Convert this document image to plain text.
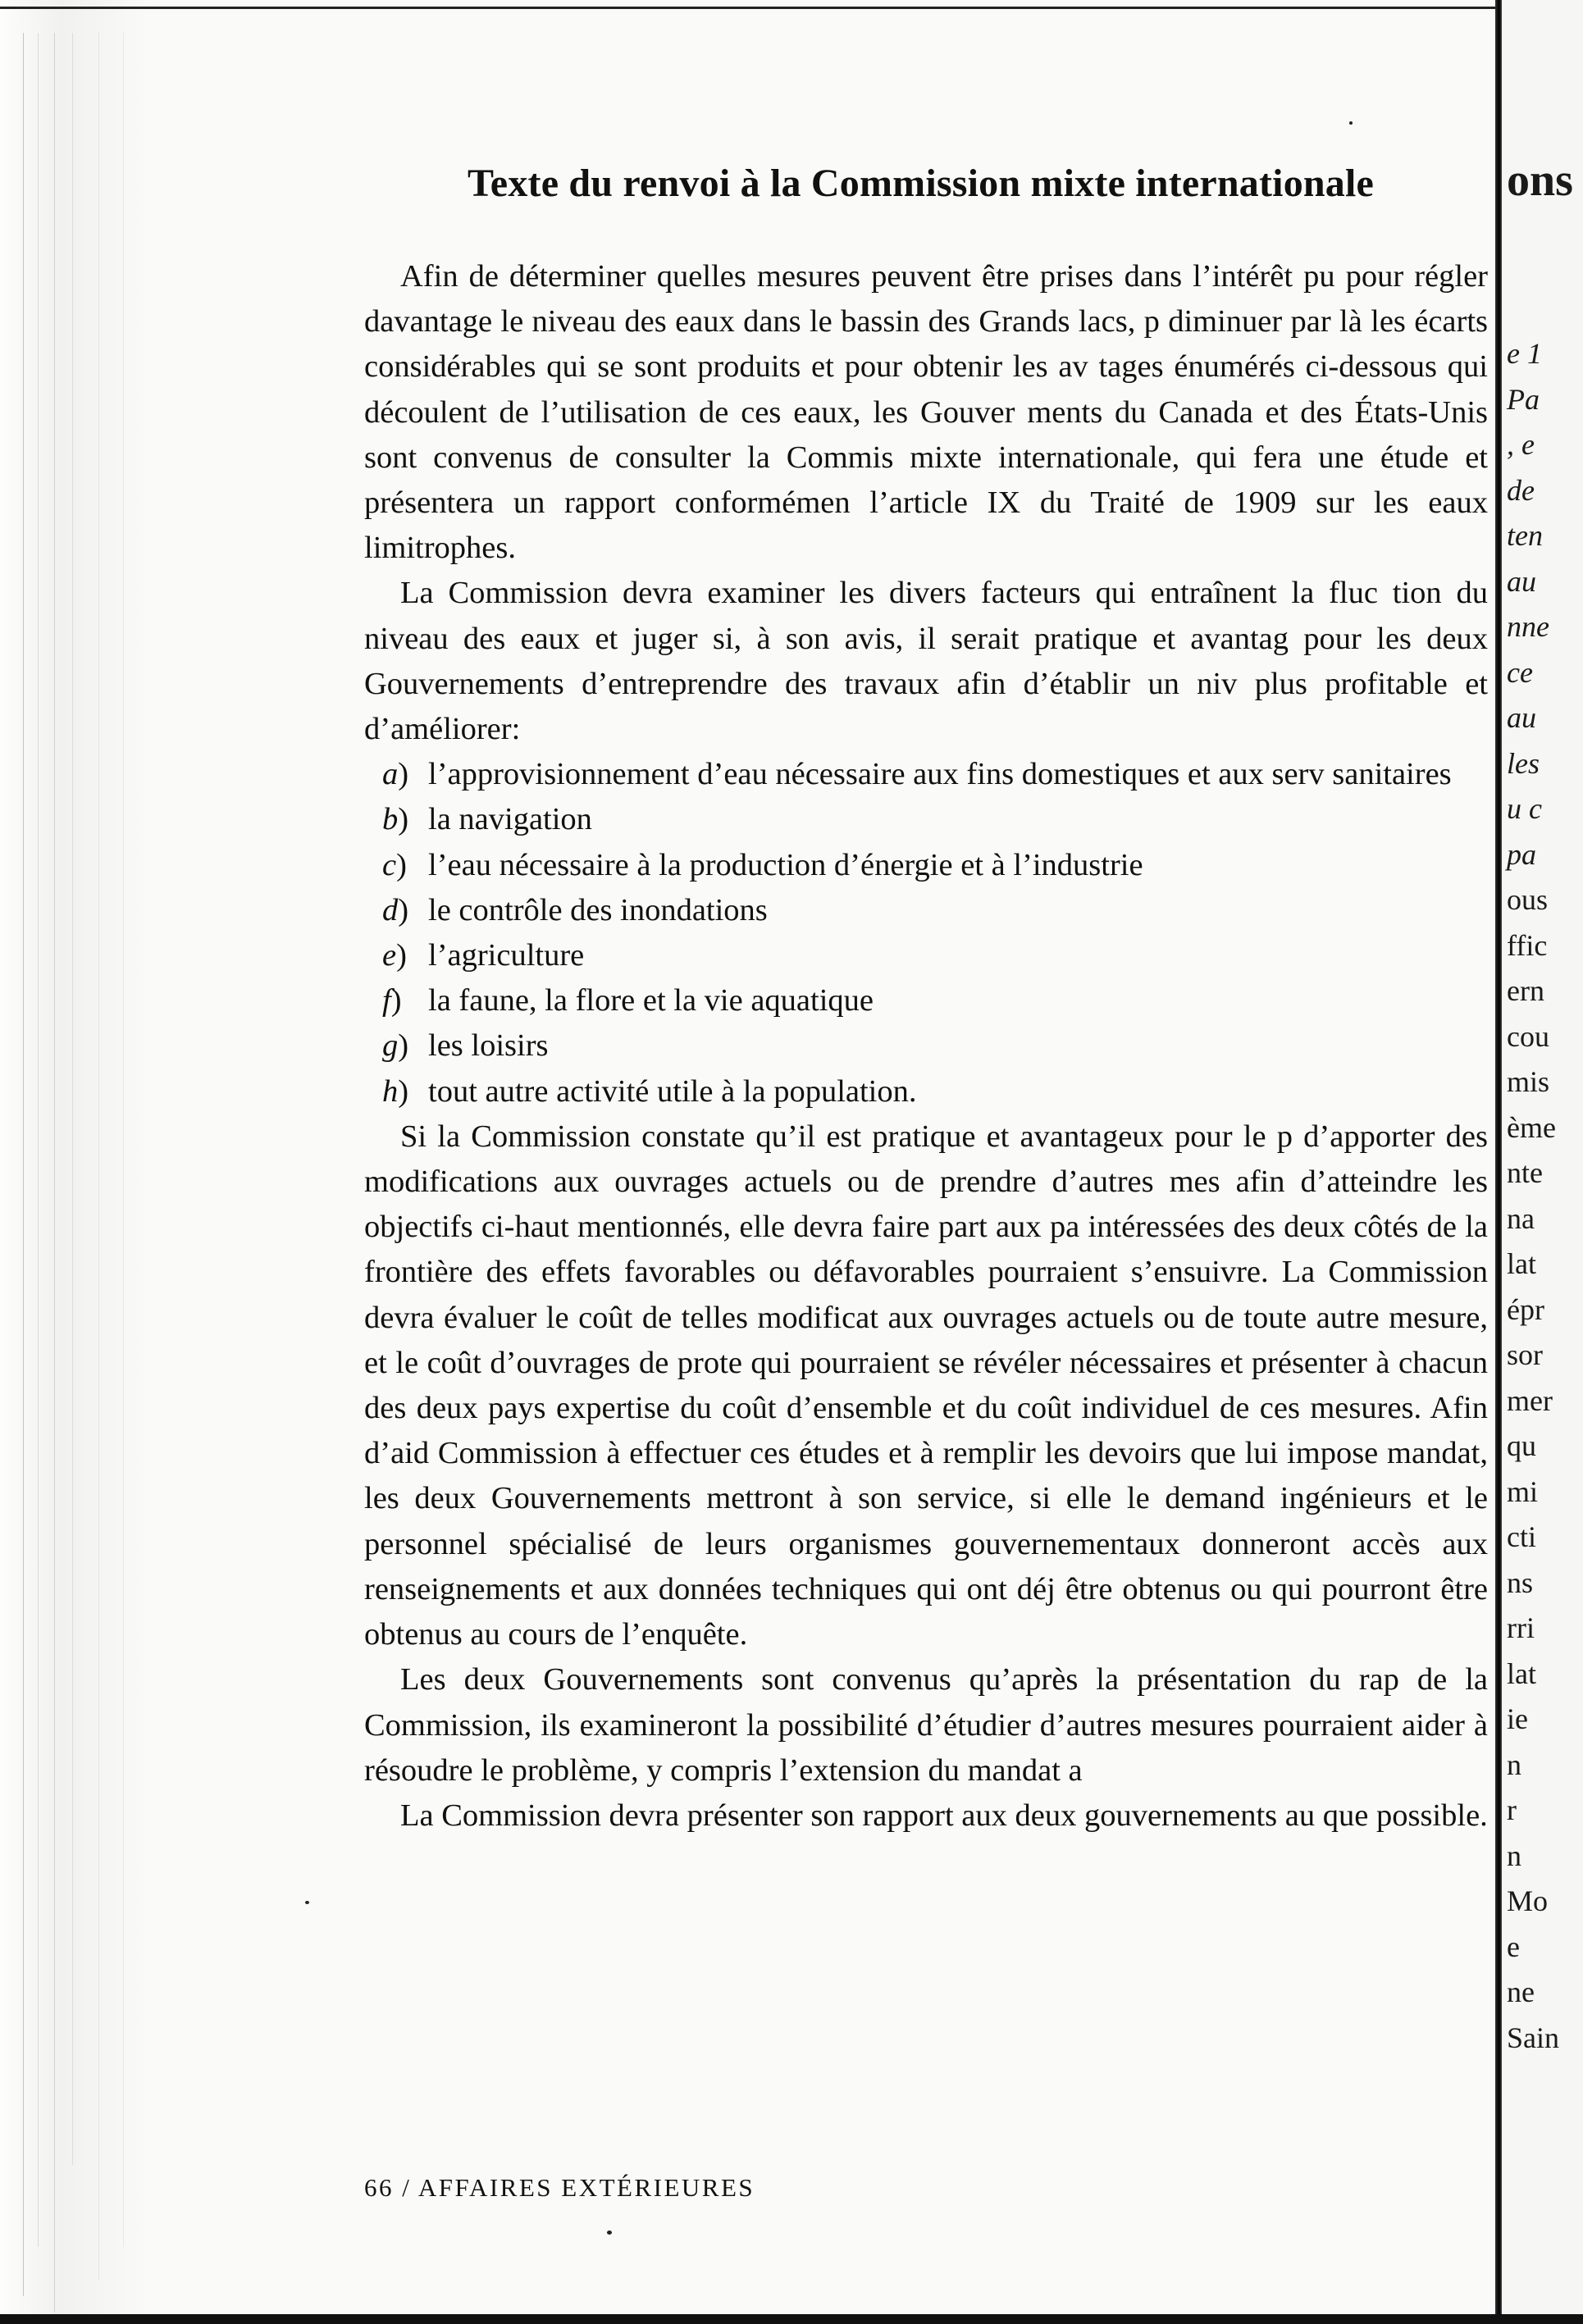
Texte du renvoi à la Commission mixte internationale

Afin de déterminer quelles mesures peuvent être prises dans l’intérêt pu pour régler davantage le niveau des eaux dans le bassin des Grands lacs, p diminuer par là les écarts considérables qui se sont produits et pour obtenir les av tages énumérés ci-dessous qui découlent de l’utilisation de ces eaux, les Gouver ments du Canada et des États-Unis sont convenus de consulter la Commis mixte internationale, qui fera une étude et présentera un rapport conformémen l’article IX du Traité de 1909 sur les eaux limitrophes.

La Commission devra examiner les divers facteurs qui entraînent la fluc tion du niveau des eaux et juger si, à son avis, il serait pratique et avantag pour les deux Gouvernements d’entreprendre des travaux afin d’établir un niv plus profitable et d’améliorer:

a ) l’approvisionnement d’eau nécessaire aux fins domestiques et aux serv sanitaires
b ) la navigation
c )	l’eau nécessaire à la production d’énergie et à l’industrie
d ) le contrôle des inondations
e )	l’agriculture
f )	la faune, la flore et la vie aquatique
g ) les loisirs
h ) tout autre activité utile à la population.

Si la Commission constate qu’il est pratique et avantageux pour le p d’apporter des modifications aux ouvrages actuels ou de prendre d’autres mes afin d’atteindre les objectifs ci-haut mentionnés, elle devra faire part aux pa intéressées des deux côtés de la frontière des effets favorables ou défavorables pourraient s’ensuivre. La Commission devra évaluer le coût de telles modificat aux ouvrages actuels ou de toute autre mesure, et le coût d’ouvrages de prote qui pourraient se révéler nécessaires et présenter à chacun des deux pays expertise du coût d’ensemble et du coût individuel de ces mesures. Afin d’aid Commission à effectuer ces études et à remplir les devoirs que lui impose mandat, les deux Gouvernements mettront à son service, si elle le demand ingénieurs et le personnel spécialisé de leurs organismes gouvernementaux donneront accès aux renseignements et aux données techniques qui ont déj être obtenus ou qui pourront être obtenus au cours de l’enquête.

Les deux Gouvernements sont convenus qu’après la présentation du rap de la Commission, ils examineront la possibilité d’étudier d’autres mesures pourraient aider à résoudre le problème, y compris l’extension du mandat a

La Commission devra présenter son rapport aux deux gouvernements au que possible.

66 / AFFAIRES EXTÉRIEURES
ons
e 1
Pa
, e
de
ten
au
nne
ce
au
les
u c
pa
ous
ffic
ern
cou
mis
ème
nte
na
lat
épr
sor
mer
qu
mi
cti
ns
rri
lat
ie
n
r
n
Mo
e
ne
Sain
